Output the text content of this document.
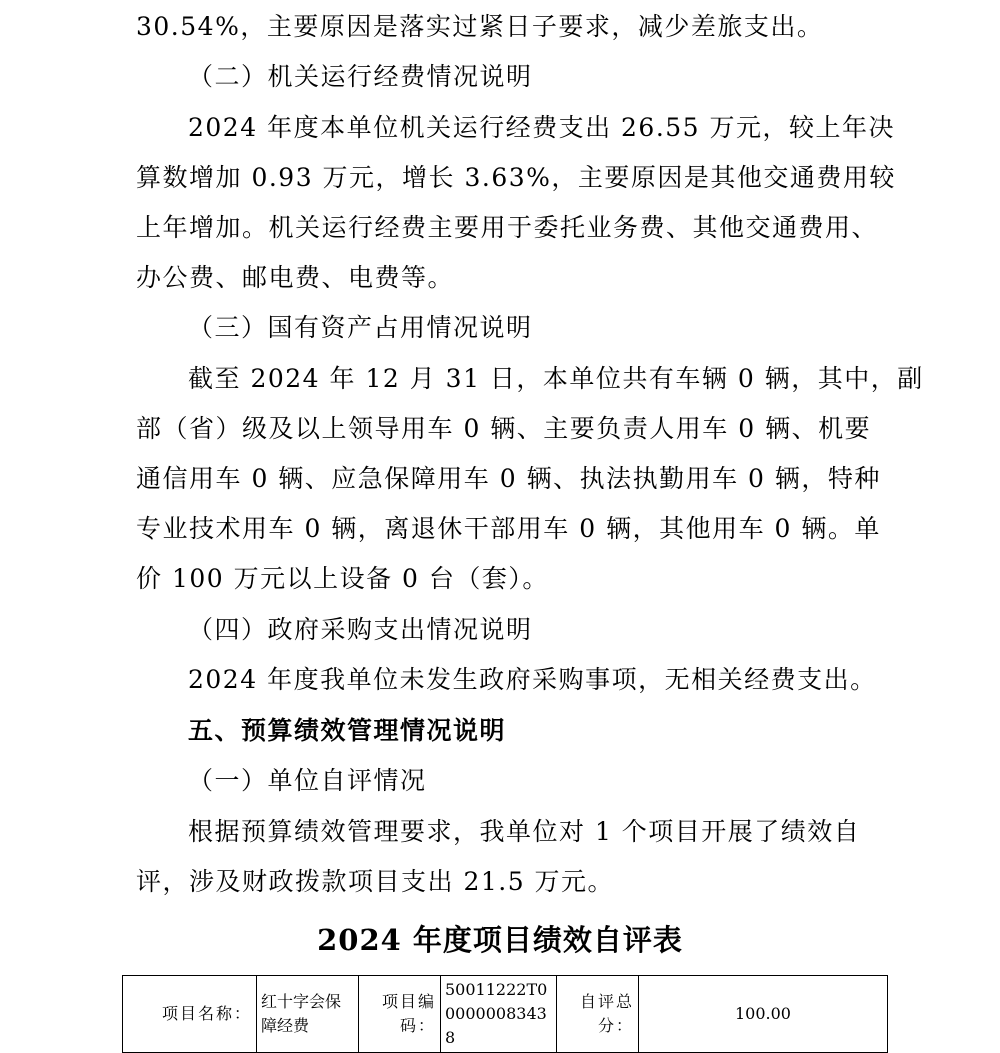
30.54%，主要原因是落实过紧日子要求，减少差旅支出。
（二）机关运行经费情况说明
2024 年度本单位机关运行经费支出 26.55 万元，较上年决
算数增加 0.93 万元，增长 3.63%，主要原因是其他交通费用较
上年增加。机关运行经费主要用于委托业务费、其他交通费用、
办公费、邮电费、电费等。
（三）国有资产占用情况说明
截至 2024 年 12 月 31 日，本单位共有车辆 0 辆，其中，副
部（省）级及以上领导用车 0 辆、主要负责人用车 0 辆、机要
通信用车 0 辆、应急保障用车 0 辆、执法执勤用车 0 辆，特种
专业技术用车 0 辆，离退休干部用车 0 辆，其他用车 0 辆。单
价 100 万元以上设备 0 台（套）。
（四）政府采购支出情况说明
2024 年度我单位未发生政府采购事项，无相关经费支出。
五、预算绩效管理情况说明
（一）单位自评情况
根据预算绩效管理要求，我单位对 1 个项目开展了绩效自
评，涉及财政拨款项目支出 21.5 万元。
2024 年度项目绩效自评表
项目名称：	红十字会保障经费	项目编码：	50011222T000000083438	自评总分：	100.00
